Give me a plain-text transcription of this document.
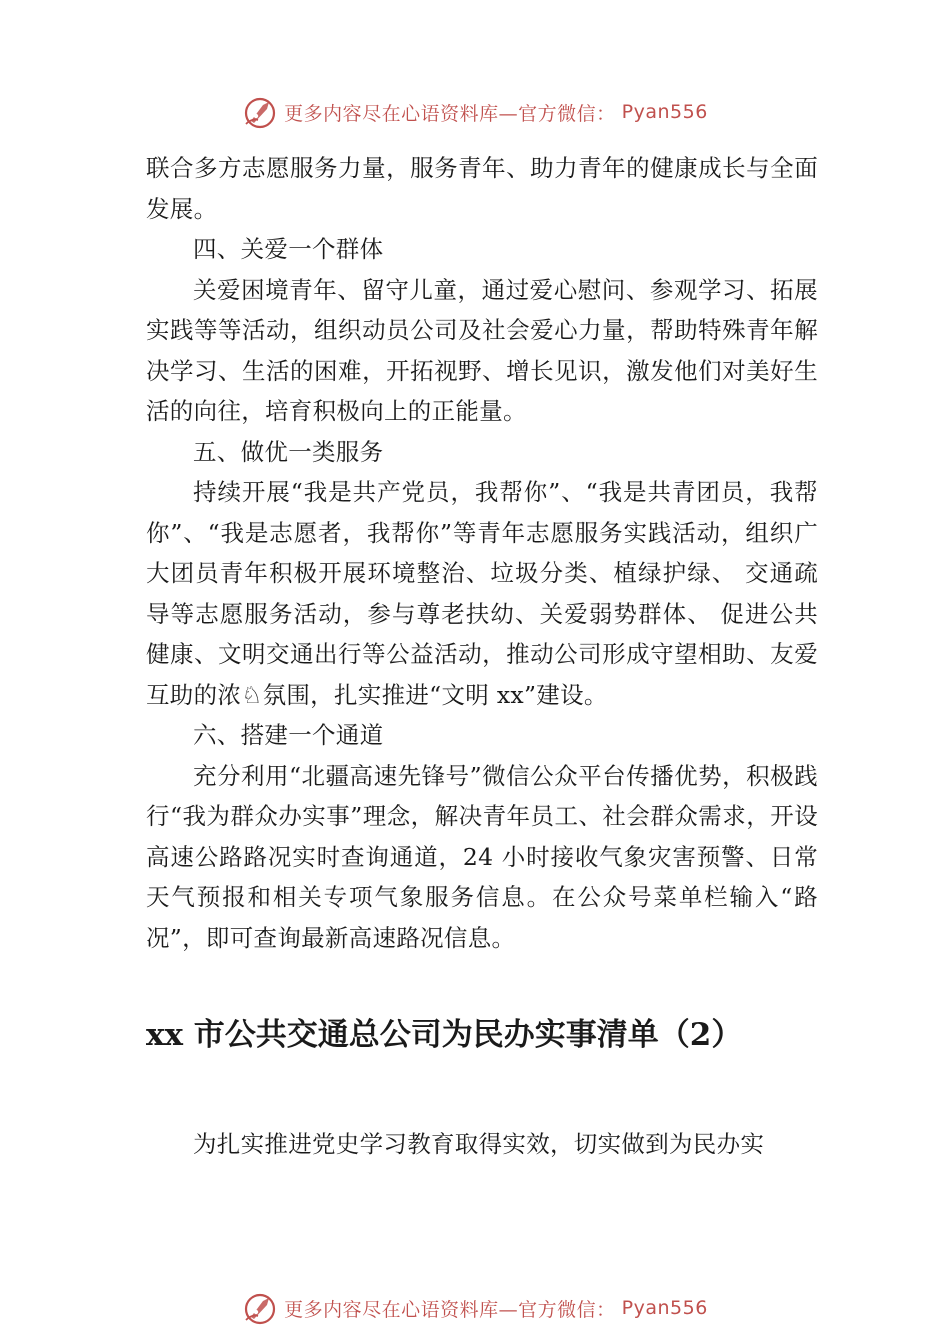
更多内容尽在心语资料库—官方微信： Pyan556

联合多方志愿服务力量，服务青年、助力青年的健康成长与全面发展。

四、关爱一个群体

关爱困境青年、留守儿童，通过爱心慰问、参观学习、拓展实践等等活动，组织动员公司及社会爱心力量，帮助特殊青年解决学习、生活的困难，开拓视野、增长见识，激发他们对美好生活的向往，培育积极向上的正能量。

五、做优一类服务

持续开展“我是共产党员，我帮你”、“我是共青团员，我帮你”、“我是志愿者，我帮你”等青年志愿服务实践活动，组织广大团员青年积极开展环境整治、垃圾分类、植绿护绿、 交通疏导等志愿服务活动，参与尊老扶幼、关爱弱势群体、 促进公共健康、文明交通出行等公益活动，推动公司形成守望相助、友爱互助的浓♘氛围，扎实推进“文明 xx”建设。

六、搭建一个通道

充分利用“北疆高速先锋号”微信公众平台传播优势，积极践行“我为群众办实事”理念，解决青年员工、社会群众需求，开设高速公路路况实时查询通道，24 小时接收气象灾害预警、日常天气预报和相关专项气象服务信息。在公众号菜单栏输入“路况”，即可查询最新高速路况信息。

xx 市公共交通总公司为民办实事清单（2）

为扎实推进党史学习教育取得实效，切实做到为民办实

更多内容尽在心语资料库—官方微信： Pyan556
